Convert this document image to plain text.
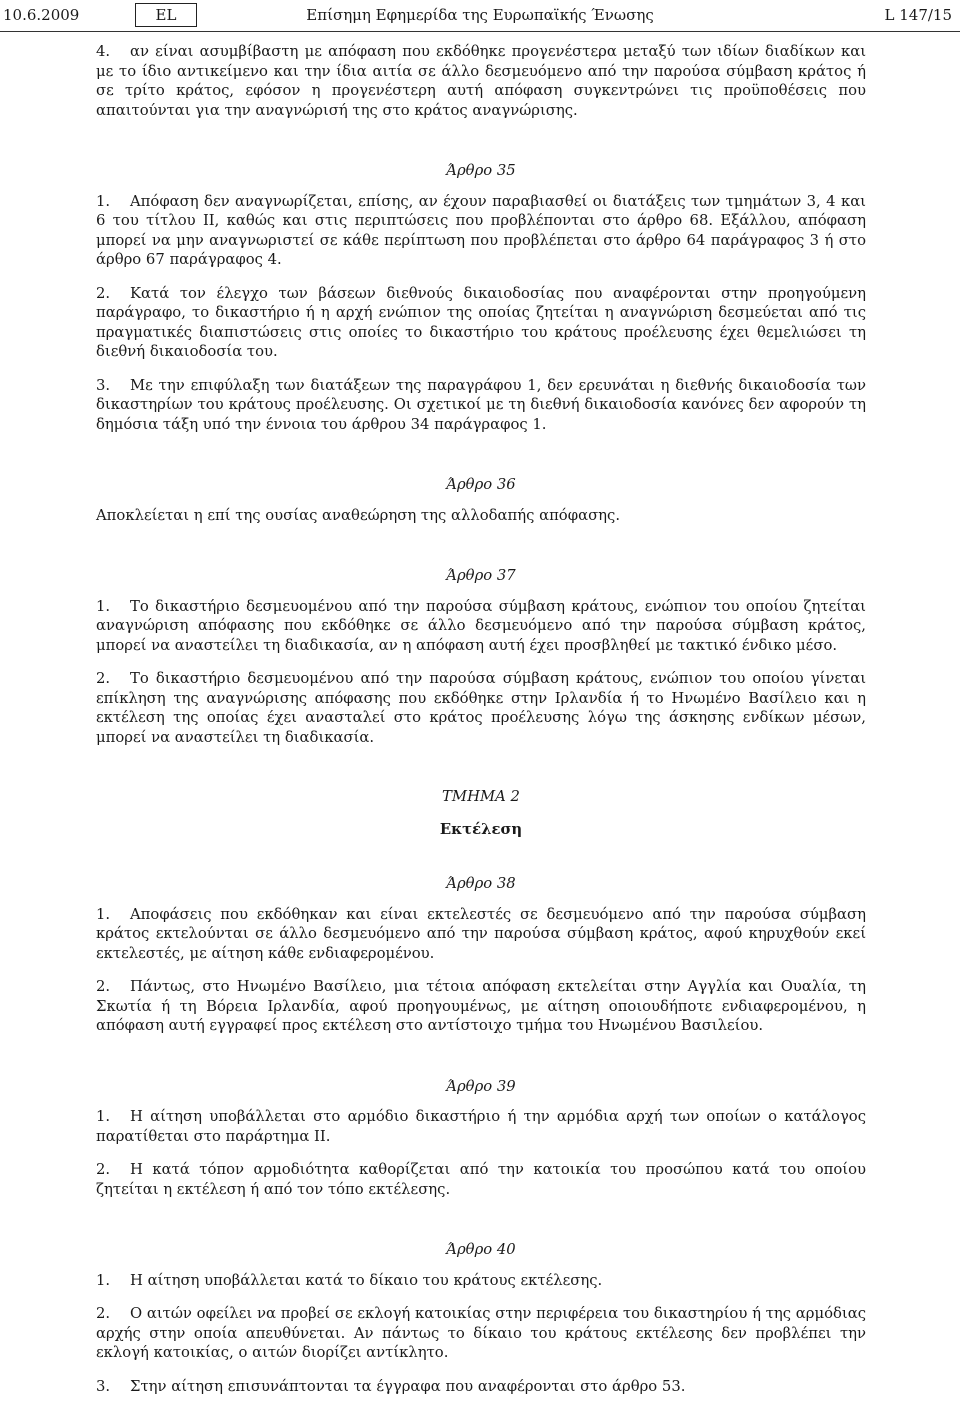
10.6.2009	EL	Επίσημη Εφημερίδα της Ευρωπαϊκής Ένωσης	L 147/15

4. αν είναι ασυμβίβαστη με απόφαση που εκδόθηκε προγενέστερα μεταξύ των ιδίων διαδίκων και με το ίδιο αντικείμενο και την ίδια αιτία σε άλλο δεσμευόμενο από την παρούσα σύμβαση κράτος ή σε τρίτο κράτος, εφόσον η προγενέστερη αυτή απόφαση συγκεντρώνει τις προϋποθέσεις που απαιτούνται για την αναγνώρισή της στο κράτος αναγνώρισης.

Άρθρο 35

1. Απόφαση δεν αναγνωρίζεται, επίσης, αν έχουν παραβιασθεί οι διατάξεις των τμημάτων 3, 4 και 6 του τίτλου II, καθώς και στις περιπτώσεις που προβλέπονται στο άρθρο 68. Εξάλλου, απόφαση μπορεί να μην αναγνωριστεί σε κάθε περίπτωση που προβλέπεται στο άρθρο 64 παράγραφος 3 ή στο άρθρο 67 παράγραφος 4.

2. Κατά τον έλεγχο των βάσεων διεθνούς δικαιοδοσίας που αναφέρονται στην προηγούμενη παράγραφο, το δικαστήριο ή η αρχή ενώπιον της οποίας ζητείται η αναγνώριση δεσμεύεται από τις πραγματικές διαπιστώσεις στις οποίες το δικαστήριο του κράτους προέλευσης έχει θεμελιώσει τη διεθνή δικαιοδοσία του.

3. Με την επιφύλαξη των διατάξεων της παραγράφου 1, δεν ερευνάται η διεθνής δικαιοδοσία των δικαστηρίων του κράτους προέλευσης. Οι σχετικοί με τη διεθνή δικαιοδοσία κανόνες δεν αφορούν τη δημόσια τάξη υπό την έννοια του άρθρου 34 παράγραφος 1.

Άρθρο 36

Αποκλείεται η επί της ουσίας αναθεώρηση της αλλοδαπής απόφασης.

Άρθρο 37

1. Το δικαστήριο δεσμευομένου από την παρούσα σύμβαση κράτους, ενώπιον του οποίου ζητείται αναγνώριση απόφασης που εκδόθηκε σε άλλο δεσμευόμενο από την παρούσα σύμβαση κράτος, μπορεί να αναστείλει τη διαδικασία, αν η απόφαση αυτή έχει προσβληθεί με τακτικό ένδικο μέσο.

2. Το δικαστήριο δεσμευομένου από την παρούσα σύμβαση κράτους, ενώπιον του οποίου γίνεται επίκληση της αναγνώρισης απόφασης που εκδόθηκε στην Ιρλανδία ή το Ηνωμένο Βασίλειο και η εκτέλεση της οποίας έχει ανασταλεί στο κράτος προέλευσης λόγω της άσκησης ενδίκων μέσων, μπορεί να αναστείλει τη διαδικασία.

ΤΜΗΜΑ 2

Εκτέλεση

Άρθρο 38

1. Αποφάσεις που εκδόθηκαν και είναι εκτελεστές σε δεσμευόμενο από την παρούσα σύμβαση κράτος εκτελούνται σε άλλο δεσμευόμενο από την παρούσα σύμβαση κράτος, αφού κηρυχθούν εκεί εκτελεστές, με αίτηση κάθε ενδιαφερομένου.

2. Πάντως, στο Ηνωμένο Βασίλειο, μια τέτοια απόφαση εκτελείται στην Αγγλία και Ουαλία, τη Σκωτία ή τη Βόρεια Ιρλανδία, αφού προηγουμένως, με αίτηση οποιουδήποτε ενδιαφερομένου, η απόφαση αυτή εγγραφεί προς εκτέλεση στο αντίστοιχο τμήμα του Ηνωμένου Βασιλείου.

Άρθρο 39

1. Η αίτηση υποβάλλεται στο αρμόδιο δικαστήριο ή την αρμόδια αρχή των οποίων ο κατάλογος παρατίθεται στο παράρτημα II.

2. Η κατά τόπον αρμοδιότητα καθορίζεται από την κατοικία του προσώπου κατά του οποίου ζητείται η εκτέλεση ή από τον τόπο εκτέλεσης.

Άρθρο 40

1. Η αίτηση υποβάλλεται κατά το δίκαιο του κράτους εκτέλεσης.

2. Ο αιτών οφείλει να προβεί σε εκλογή κατοικίας στην περιφέρεια του δικαστηρίου ή της αρμόδιας αρχής στην οποία απευθύνεται. Αν πάντως το δίκαιο του κράτους εκτέλεσης δεν προβλέπει την εκλογή κατοικίας, ο αιτών διορίζει αντίκλητο.

3. Στην αίτηση επισυνάπτονται τα έγγραφα που αναφέρονται στο άρθρο 53.
